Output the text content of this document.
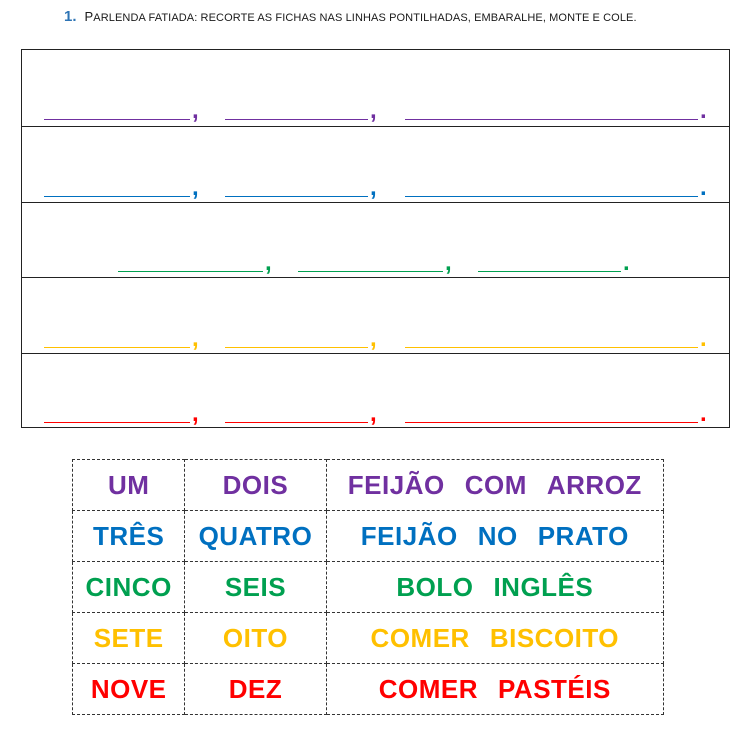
1. PARLENDA FATIADA: RECORTE AS FICHAS NAS LINHAS PONTILHADAS, EMBARALHE, MONTE E COLE.
,	,	.
,	,	.
,	,	.
,	,	.
,	,	.
UM	DOIS	FEIJÃO COM ARROZ
TRÊS	QUATRO	FEIJÃO NO PRATO
CINCO	SEIS	BOLO INGLÊS
SETE	OITO	COMER BISCOITO
NOVE	DEZ	COMER PASTÉIS
